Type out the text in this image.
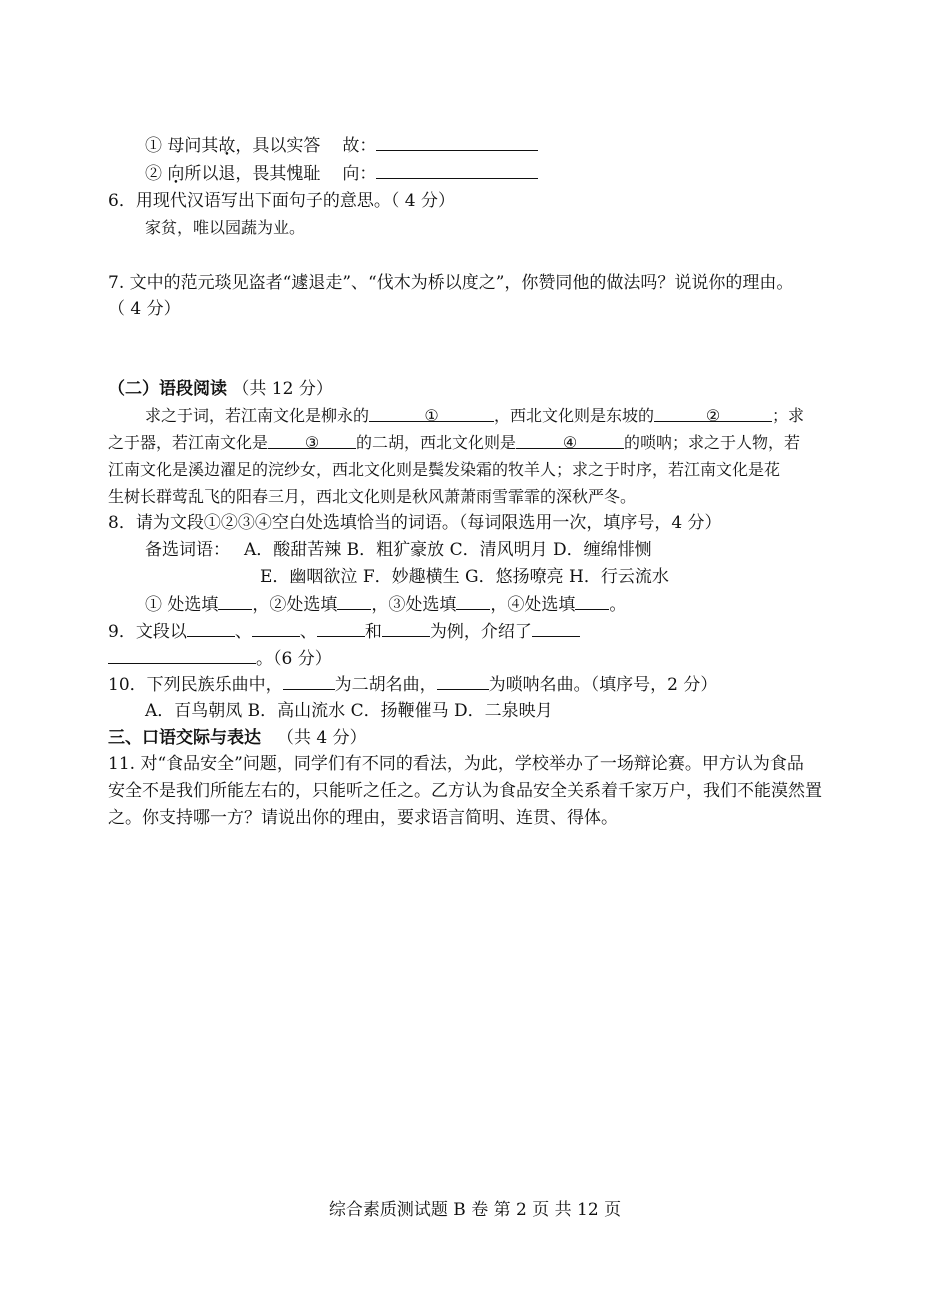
① 母问其故，具以实答 故：
② 向所以退，畏其愧耻 向：
6．用现代汉语写出下面句子的意思。（ 4 分）
家贫，唯以园蔬为业。
7. 文中的范元琰见盗者“遽退走”、“伐木为桥以度之”，你赞同他的做法吗？说说你的理由。
（ 4 分）
（二）语段阅读 （共 12 分）
求之于词，若江南文化是柳永的	①	，西北文化则是东坡的	②	；求
之于器，若江南文化是 ③ 的二胡，西北文化则是	④	的唢呐；求之于人物，若
江南文化是溪边濯足的浣纱女，西北文化则是鬓发染霜的牧羊人；求之于时序，若江南文化是花
生树长群莺乱飞的阳春三月，西北文化则是秋风萧萧雨雪霏霏的深秋严冬。
8．请为文段①②③④空白处选填恰当的词语。（每词限选用一次，填序号，4 分）
备选词语： A．酸甜苦辣 B．粗犷豪放 C．清风明月 D．缠绵悱恻
E．幽咽欲泣 F．妙趣横生 G．悠扬嘹亮 H．行云流水
① 处选填 ，②处选填 ，③处选填 ，④处选填 。
9．文段以	、	、	和	为例，介绍了
。（6 分）
10．下列民族乐曲中，	为二胡名曲，	为唢呐名曲。（填序号，2 分）
A．百鸟朝凤 B．高山流水 C．扬鞭催马 D．二泉映月
三、口语交际与表达 （共 4 分）
11. 对“食品安全”问题，同学们有不同的看法，为此，学校举办了一场辩论赛。甲方认为食品
安全不是我们所能左右的，只能听之任之。乙方认为食品安全关系着千家万户，我们不能漠然置
之。你支持哪一方？请说出你的理由，要求语言简明、连贯、得体。
综合素质测试题 B 卷 第 2 页 共 12 页
